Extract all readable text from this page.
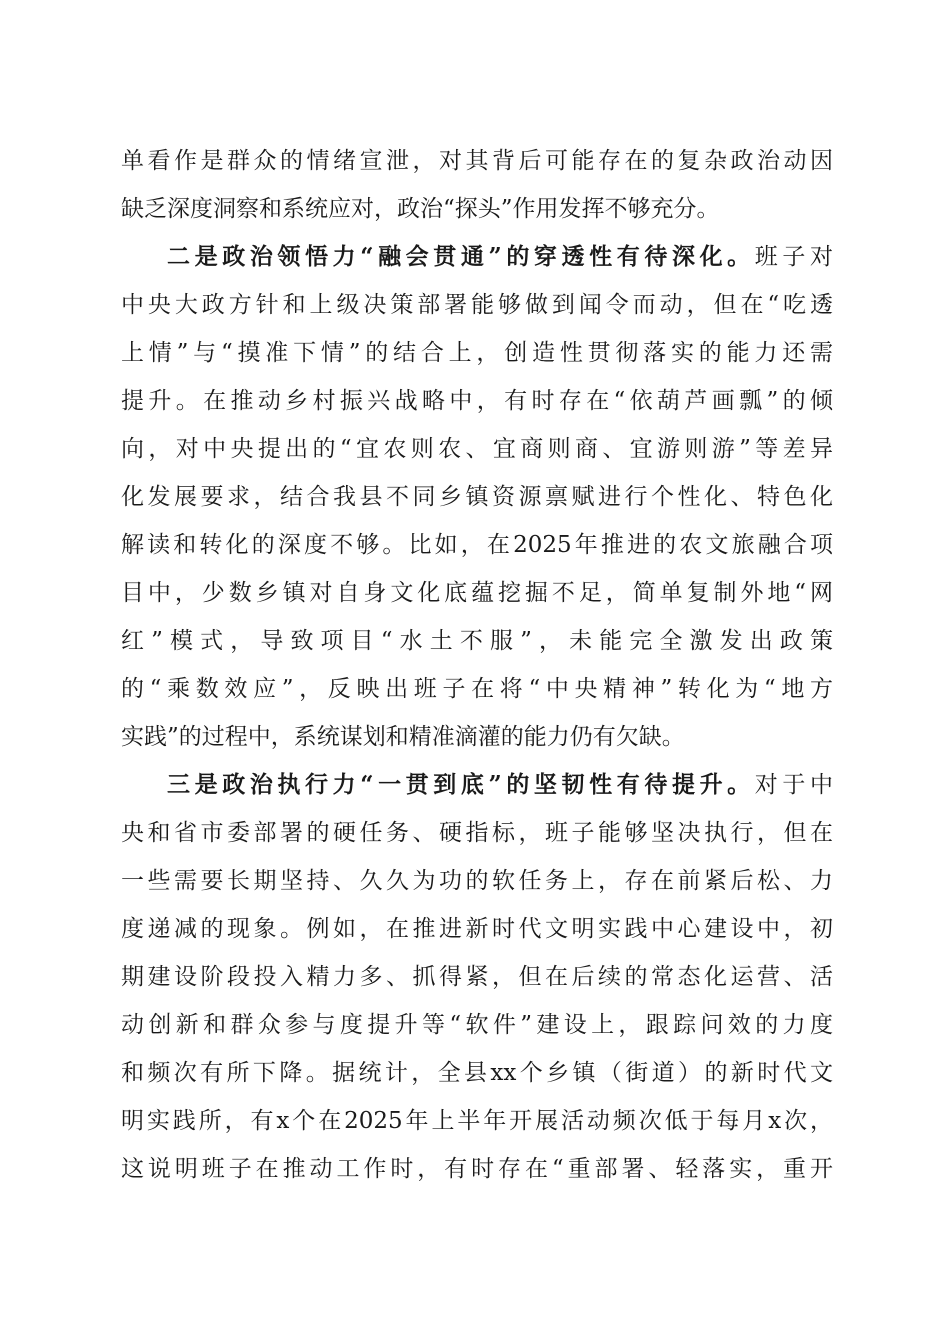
单看作是群众的情绪宣泄，对其背后可能存在的复杂政治动因
缺乏深度洞察和系统应对，政治“探头”作用发挥不够充分。
二是政治领悟力“融会贯通”的穿透性有待深化。班子对
中央大政方针和上级决策部署能够做到闻令而动，但在“吃透
上情”与“摸准下情”的结合上，创造性贯彻落实的能力还需
提升。在推动乡村振兴战略中，有时存在“依葫芦画瓢”的倾
向，对中央提出的“宜农则农、宜商则商、宜游则游”等差异
化发展要求，结合我县不同乡镇资源禀赋进行个性化、特色化
解读和转化的深度不够。比如，在2025年推进的农文旅融合项
目中，少数乡镇对自身文化底蕴挖掘不足，简单复制外地“网
红”模式，导致项目“水土不服”，未能完全激发出政策
的“乘数效应”，反映出班子在将“中央精神”转化为“地方
实践”的过程中，系统谋划和精准滴灌的能力仍有欠缺。
三是政治执行力“一贯到底”的坚韧性有待提升。对于中
央和省市委部署的硬任务、硬指标，班子能够坚决执行，但在
一些需要长期坚持、久久为功的软任务上，存在前紧后松、力
度递减的现象。例如，在推进新时代文明实践中心建设中，初
期建设阶段投入精力多、抓得紧，但在后续的常态化运营、活
动创新和群众参与度提升等“软件”建设上，跟踪问效的力度
和频次有所下降。据统计，全县xx个乡镇（街道）的新时代文
明实践所，有x个在2025年上半年开展活动频次低于每月x次，
这说明班子在推动工作时，有时存在“重部署、轻落实，重开
